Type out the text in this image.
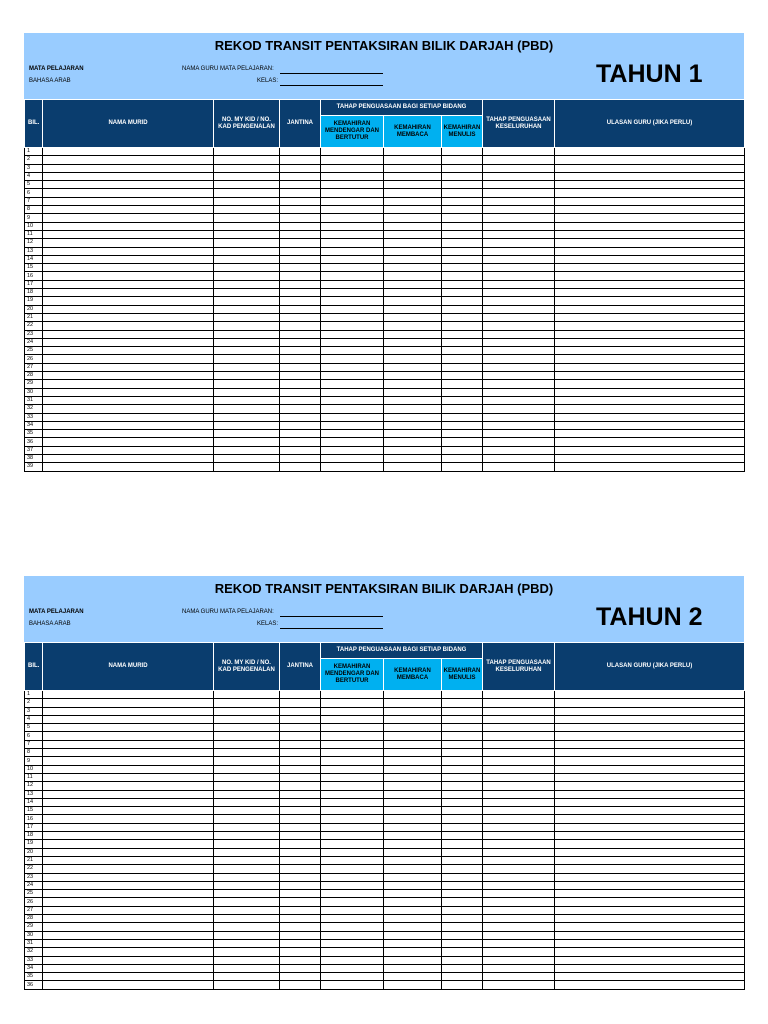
REKOD TRANSIT PENTAKSIRAN BILIK DARJAH (PBD)
MATA PELAJARAN
BAHASA ARAB
NAMA GURU MATA PELAJARAN:
KELAS:	TAHUN 1
BIL.	NAMA MURID	NO. MY KID / NO. KAD PENGENALAN	JANTINA	TAHAP PENGUASAAN BAGI SETIAP BIDANG			TAHAP PENGUASAAN KESELURUHAN	ULASAN GURU (JIKA PERLU)
				KEMAHIRAN MENDENGAR DAN BERTUTUR	KEMAHIRAN MEMBACA	KEMAHIRAN MENULIS		
1								
2								
3								
4								
5								
6								
7								
8								
9								
10								
11								
12								
13								
14								
15								
16								
17								
18								
19								
20								
21								
22								
23								
24								
25								
26								
27								
28								
29								
30								
31								
32								
33								
34								
35								
36								
37								
38								
39								
REKOD TRANSIT PENTAKSIRAN BILIK DARJAH (PBD)
MATA PELAJARAN
BAHASA ARAB
NAMA GURU MATA PELAJARAN:
KELAS:	TAHUN 2
BIL.	NAMA MURID	NO. MY KID / NO. KAD PENGENALAN	JANTINA	TAHAP PENGUASAAN BAGI SETIAP BIDANG			TAHAP PENGUASAAN KESELURUHAN	ULASAN GURU (JIKA PERLU)
				KEMAHIRAN MENDENGAR DAN BERTUTUR	KEMAHIRAN MEMBACA	KEMAHIRAN MENULIS		
1								
2								
3								
4								
5								
6								
7								
8								
9								
10								
11								
12								
13								
14								
15								
16								
17								
18								
19								
20								
21								
22								
23								
24								
25								
26								
27								
28								
29								
30								
31								
32								
33								
34								
35								
36								
